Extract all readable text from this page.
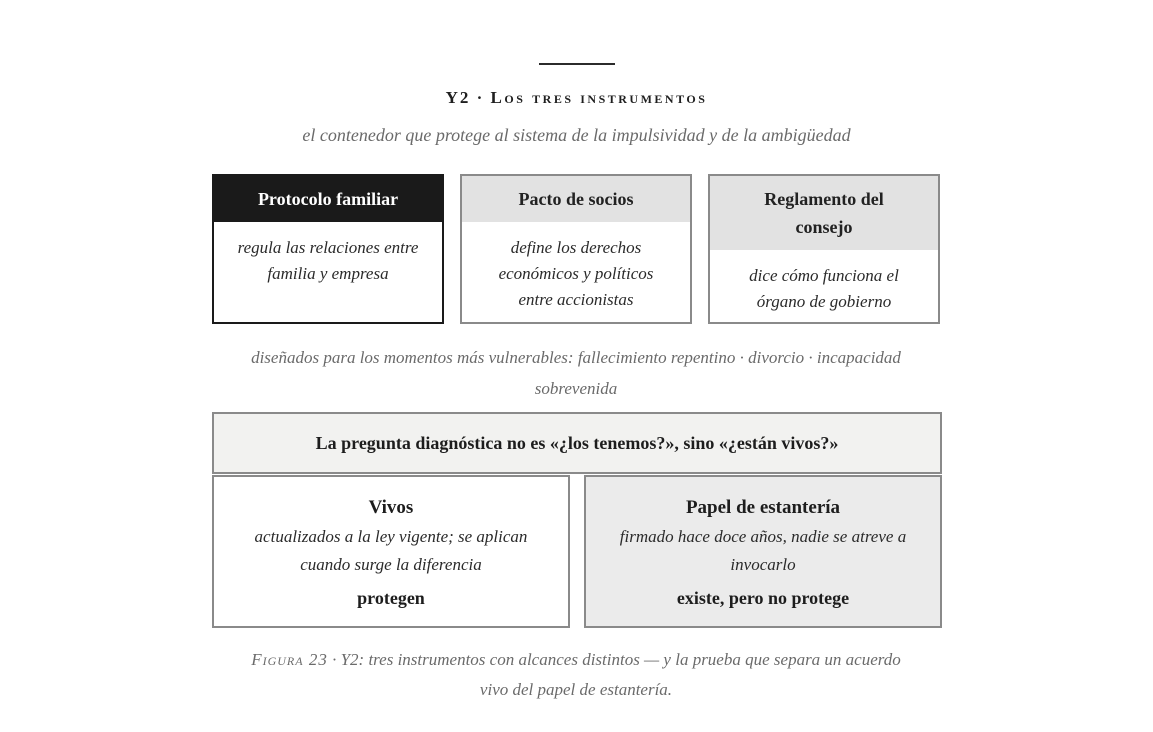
Y2 · Los tres instrumentos
el contenedor que protege al sistema de la impulsividad y de la ambigüedad
Protocolo familiar
regula las relaciones entre familia y empresa
Pacto de socios
define los derechos económicos y políticos entre accionistas
Reglamento del consejo
dice cómo funciona el órgano de gobierno
diseñados para los momentos más vulnerables: fallecimiento repentino · divorcio · incapacidad sobrevenida
La pregunta diagnóstica no es «¿los tenemos?», sino «¿están vivos?»
Vivos
actualizados a la ley vigente; se aplican cuando surge la diferencia
protegen
Papel de estantería
firmado hace doce años, nadie se atreve a invocarlo
existe, pero no protege
Figura 23 · Y2: tres instrumentos con alcances distintos — y la prueba que separa un acuerdo vivo del papel de estantería.
